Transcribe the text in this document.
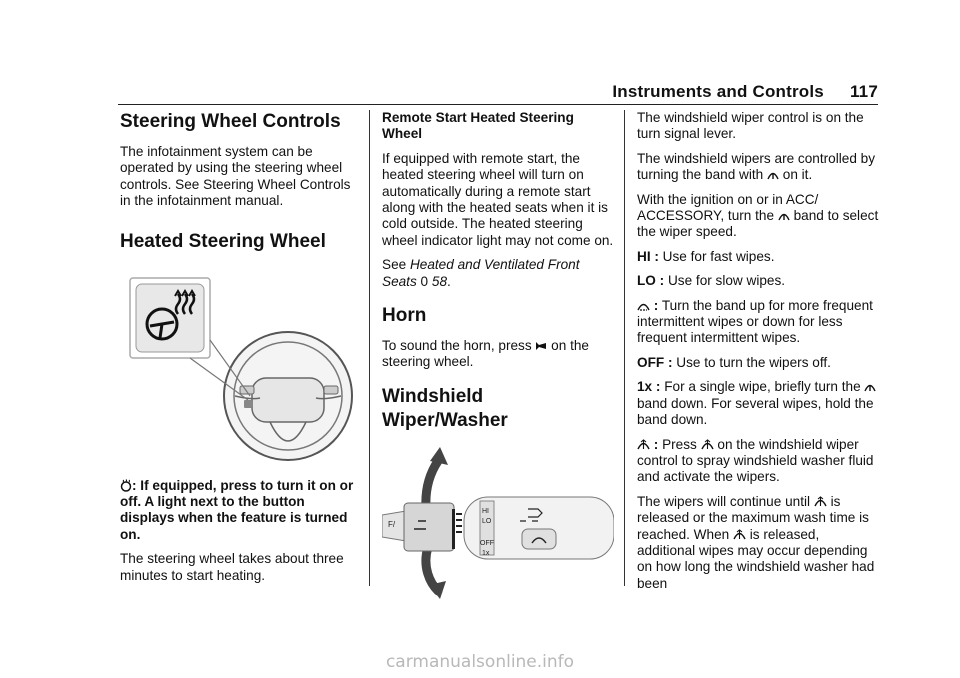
Instruments and Controls 117
Steering Wheel Controls

The infotainment system can be operated by using the steering wheel controls. See Steering Wheel Controls in the infotainment manual.

Heated Steering Wheel

: If equipped, press to turn it on or off. A light next to the button displays when the feature is turned on.

The steering wheel takes about three minutes to start heating.

Remote Start Heated Steering Wheel

If equipped with remote start, the heated steering wheel will turn on automatically during a remote start along with the heated seats when it is cold outside. The heated steering wheel indicator light may not come on.

See Heated and Ventilated Front Seats 0 58.

Horn

To sound the horn, press  on the steering wheel.

Windshield Wiper/Washer
F/
HI
LO
OFF
1x

The windshield wiper control is on the turn signal lever.

The windshield wipers are controlled by turning the band with  on it.

With the ignition on or in ACC/ ACCESSORY, turn the  band to select the wiper speed.

HI : Use for fast wipes.

LO : Use for slow wipes.

: Turn the band up for more frequent intermittent wipes or down for less frequent intermittent wipes.

OFF : Use to turn the wipers off.

1x : For a single wipe, briefly turn the  band down. For several wipes, hold the band down.

: Press  on the windshield wiper control to spray windshield washer fluid and activate the wipers.

The wipers will continue until  is released or the maximum wash time is reached. When  is released, additional wipes may occur depending on how long the windshield washer had been

carmanualsonline.info
